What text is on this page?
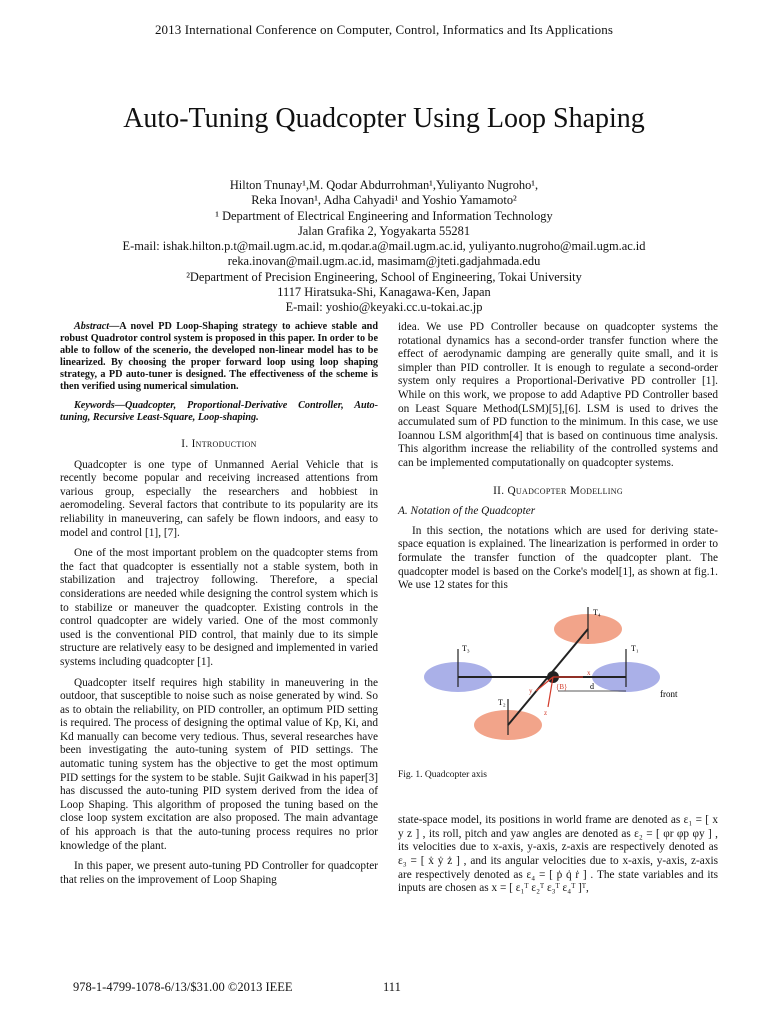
2013 International Conference on Computer, Control, Informatics and Its Applications
Auto-Tuning Quadcopter Using Loop Shaping
Hilton Tnunay¹,M. Qodar Abdurrohman¹,Yuliyanto Nugroho¹,
Reka Inovan¹, Adha Cahyadi¹ and Yoshio Yamamoto²
¹ Department of Electrical Engineering and Information Technology
Jalan Grafika 2, Yogyakarta 55281
E-mail: ishak.hilton.p.t@mail.ugm.ac.id, m.qodar.a@mail.ugm.ac.id, yuliyanto.nugroho@mail.ugm.ac.id
reka.inovan@mail.ugm.ac.id, masimam@jteti.gadjahmada.edu
²Department of Precision Engineering, School of Engineering, Tokai University
1117 Hiratsuka-Shi, Kanagawa-Ken, Japan
E-mail: yoshio@keyaki.cc.u-tokai.ac.jp

Abstract—A novel PD Loop-Shaping strategy to achieve stable and robust Quadrotor control system is proposed in this paper. In order to be able to follow of the scenerio, the developed non-linear model has to be linearized. By choosing the proper forward loop using loop shaping strategy, a PD auto-tuner is designed. The effectiveness of the scheme is then verified using numerical simulation.

Keywords—Quadcopter, Proportional-Derivative Controller, Auto-tuning, Recursive Least-Square, Loop-shaping.

I. Introduction

Quadcopter is one type of Unmanned Aerial Vehicle that is recently become popular and receiving increased attentions from various group, especially the researchers and hobbiest in aeromodeling. Several factors that contribute to its popularity are its reliability in maneuvering, can safely be flown indoors, and easy to model and control [1], [7].

One of the most important problem on the quadcopter stems from the fact that quadcopter is essentially not a stable system, both in stabilization and trajectroy following. Therefore, a special considerations are needed while designing the control system which is to stabilize or maneuver the quadcopter. Existing controls in the control quadcopter are widely varied. One of the most commonly used is the conventional PID control, that mainly due to its simple structure are relatively easy to be designed and implemented in varied systems including quadcopter [1].

Quadcopter itself requires high stability in maneuvering in the outdoor, that susceptible to noise such as noise generated by wind. So as to obtain the reliability, on PID controller, an optimum PID setting is required. The process of designing the optimal value of Kp, Ki, and Kd manually can become very tedious. Thus, several researches have been investigating the auto-tuning system of PID settings. The automatic tuning system has the objective to get the most optimum PID settings for the system to be stable. Sujit Gaikwad in his paper[3] has discussed the auto-tuning PID system derived from the idea of Loop Shaping. This algorithm of proposed the tuning based on the close loop system excitation are also proposed. The main advantage of his approach is that the auto-tuning process requires no prior knowledge of the plant.

In this paper, we present auto-tuning PD Controller for quadcopter that relies on the improvement of Loop Shaping

idea. We use PD Controller because on quadcopter systems the rotational dynamics has a second-order transfer function where the effect of aerodynamic damping are generally quite small, and it is simpler than PID controller. It is enough to regulate a second-order system only requires a Proportional-Derivative PD controller [1]. While on this work, we propose to add Adaptive PD Controller based on Least Square Method(LSM)[5],[6]. LSM is used to drives the accumulated sum of PD function to the minimum. In this case, we use Ioannou LSM algorithm[4] that is based on continuous time analysis. This algorithm increase the reliability of the controlled systems and can be implemented computationally on quadcopter systems.

II. Quadcopter Modelling
A. Notation of the Quadcopter

In this section, the notations which are used for deriving state-space equation is explained. The linearization is performed in order to formulate the transfer function of the quadcopter plant. The quadcopter model is based on the Corke's model[1], as shown at fig.1. We use 12 states for this

T₄
T₃	T₁
T₂
{B}
x
y
z
d
front
Fig. 1. Quadcopter axis

state-space model, its positions in world frame are denoted as ε₁ = [ x y z ] , its roll, pitch and yaw angles are denoted as ε₂ = [ φr φp φy ] , its velocities due to x-axis, y-axis, z-axis are respectively denoted as ε₃ = [ ẋ ẏ ż ] , and its angular velocities due to x-axis, y-axis, z-axis are respectively denoted as ε₄ = [ ṗ q̇ ṙ ] . The state variables and its inputs are chosen as x = [ ε₁ᵀ ε₂ᵀ ε₃ᵀ ε₄ᵀ ]ᵀ,

978-1-4799-1078-6/13/$31.00 ©2013 IEEE	111
